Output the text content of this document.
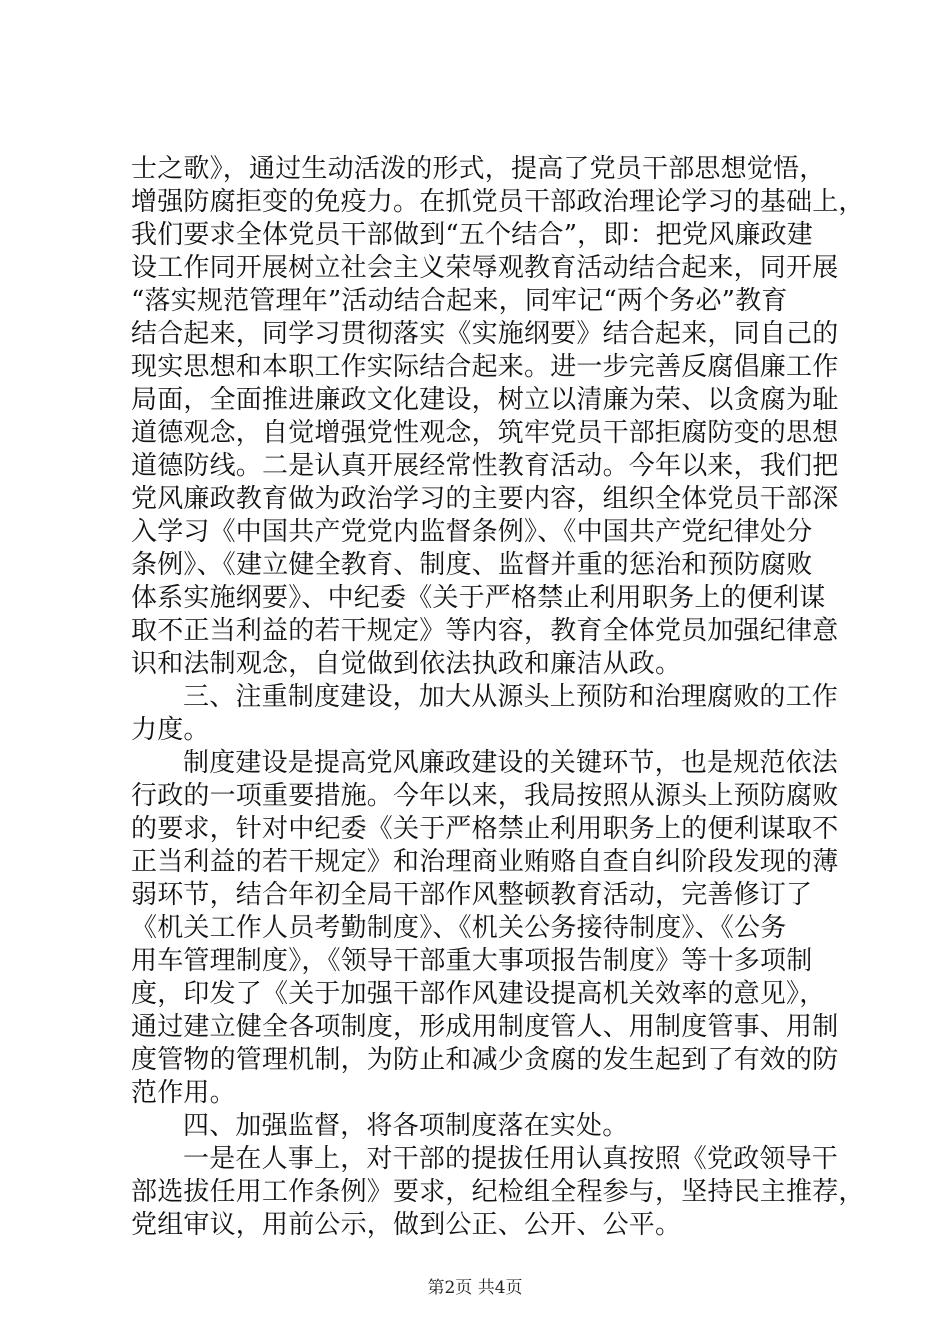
士之歌》，通过生动活泼的形式，提高了党员干部思想觉悟，
增强防腐拒变的免疫力。在抓党员干部政治理论学习的基础上，
我们要求全体党员干部做到“五个结合”，即：把党风廉政建
设工作同开展树立社会主义荣辱观教育活动结合起来，同开展
“落实规范管理年”活动结合起来，同牢记“两个务必”教育
结合起来，同学习贯彻落实《实施纲要》结合起来，同自己的
现实思想和本职工作实际结合起来。进一步完善反腐倡廉工作
局面，全面推进廉政文化建设，树立以清廉为荣、以贪腐为耻
道德观念，自觉增强党性观念，筑牢党员干部拒腐防变的思想
道德防线。二是认真开展经常性教育活动。今年以来，我们把
党风廉政教育做为政治学习的主要内容，组织全体党员干部深
入学习《中国共产党党内监督条例》、《中国共产党纪律处分
条例》、《建立健全教育、制度、监督并重的惩治和预防腐败
体系实施纲要》、中纪委《关于严格禁止利用职务上的便利谋
取不正当利益的若干规定》等内容，教育全体党员加强纪律意
识和法制观念，自觉做到依法执政和廉洁从政。
三、注重制度建设，加大从源头上预防和治理腐败的工作
力度。
制度建设是提高党风廉政建设的关键环节，也是规范依法
行政的一项重要措施。今年以来，我局按照从源头上预防腐败
的要求，针对中纪委《关于严格禁止利用职务上的便利谋取不
正当利益的若干规定》和治理商业贿赂自查自纠阶段发现的薄
弱环节，结合年初全局干部作风整顿教育活动，完善修订了
《机关工作人员考勤制度》、《机关公务接待制度》、《公务
用车管理制度》，《领导干部重大事项报告制度》等十多项制
度，印发了《关于加强干部作风建设提高机关效率的意见》，
通过建立健全各项制度，形成用制度管人、用制度管事、用制
度管物的管理机制，为防止和减少贪腐的发生起到了有效的防
范作用。
四、加强监督，将各项制度落在实处。
一是在人事上，对干部的提拔任用认真按照《党政领导干
部选拔任用工作条例》要求，纪检组全程参与，坚持民主推荐，
党组审议，用前公示，做到公正、公开、公平。
第2页 共4页
